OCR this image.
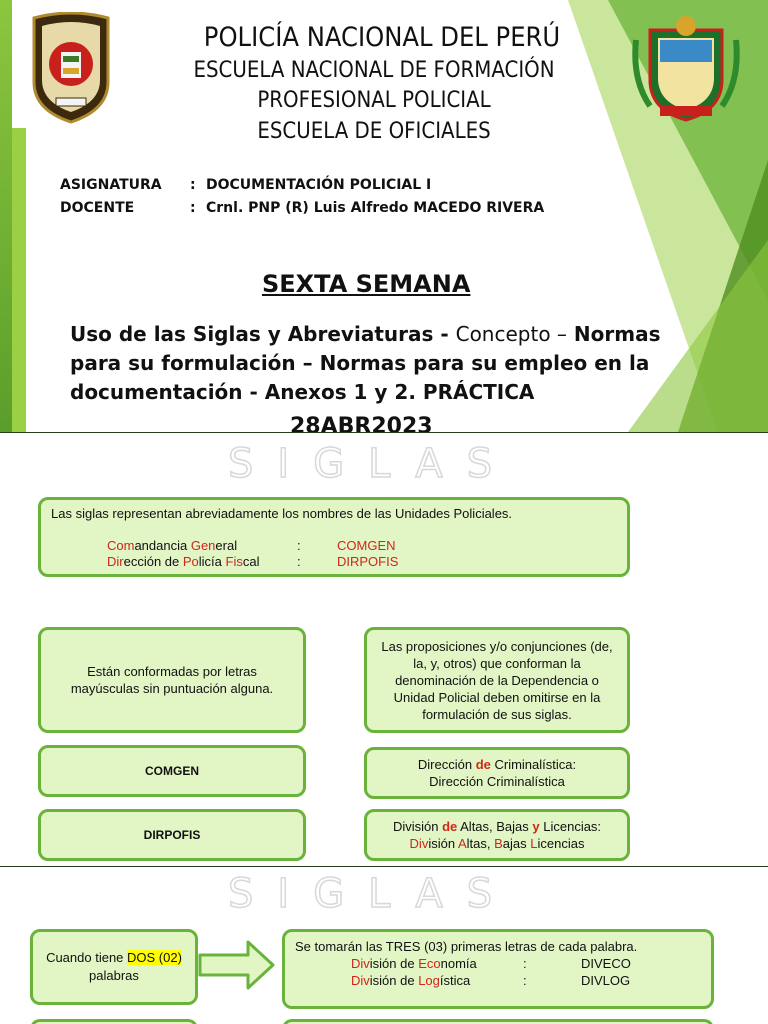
POLICÍA NACIONAL DEL PERÚ
ESCUELA NACIONAL DE FORMACIÓN
PROFESIONAL POLICIAL
ESCUELA DE OFICIALES
ASIGNATURA : DOCUMENTACIÓN POLICIAL I
DOCENTE	: Crnl. PNP (R) Luis Alfredo MACEDO RIVERA
SEXTA SEMANA
Uso de las Siglas y Abreviaturas - Concepto – Normas para su formulación – Normas para su empleo en la documentación - Anexos 1 y 2. PRÁCTICA
28ABR2023
SIGLAS
Las siglas representan abreviadamente los nombres de las Unidades Policiales.
Comandancia General	:	COMGEN
Dirección de Policía Fiscal	:	DIRPOFIS
Están conformadas por letras mayúsculas sin puntuación alguna.
Las proposiciones y/o conjunciones (de, la, y, otros) que conforman la denominación de la Dependencia o Unidad Policial deben omitirse en la formulación de sus siglas.
COMGEN	Dirección de Criminalística:
Dirección Criminalística
DIRPOFIS
División de Altas, Bajas y Licencias:
División Altas, Bajas Licencias
SIGLAS
Cuando tiene DOS (02)
palabras
Se tomarán las TRES (03) primeras letras de cada palabra.
División de Economía	:	DIVECO
División de Logística	:	DIVLOG
